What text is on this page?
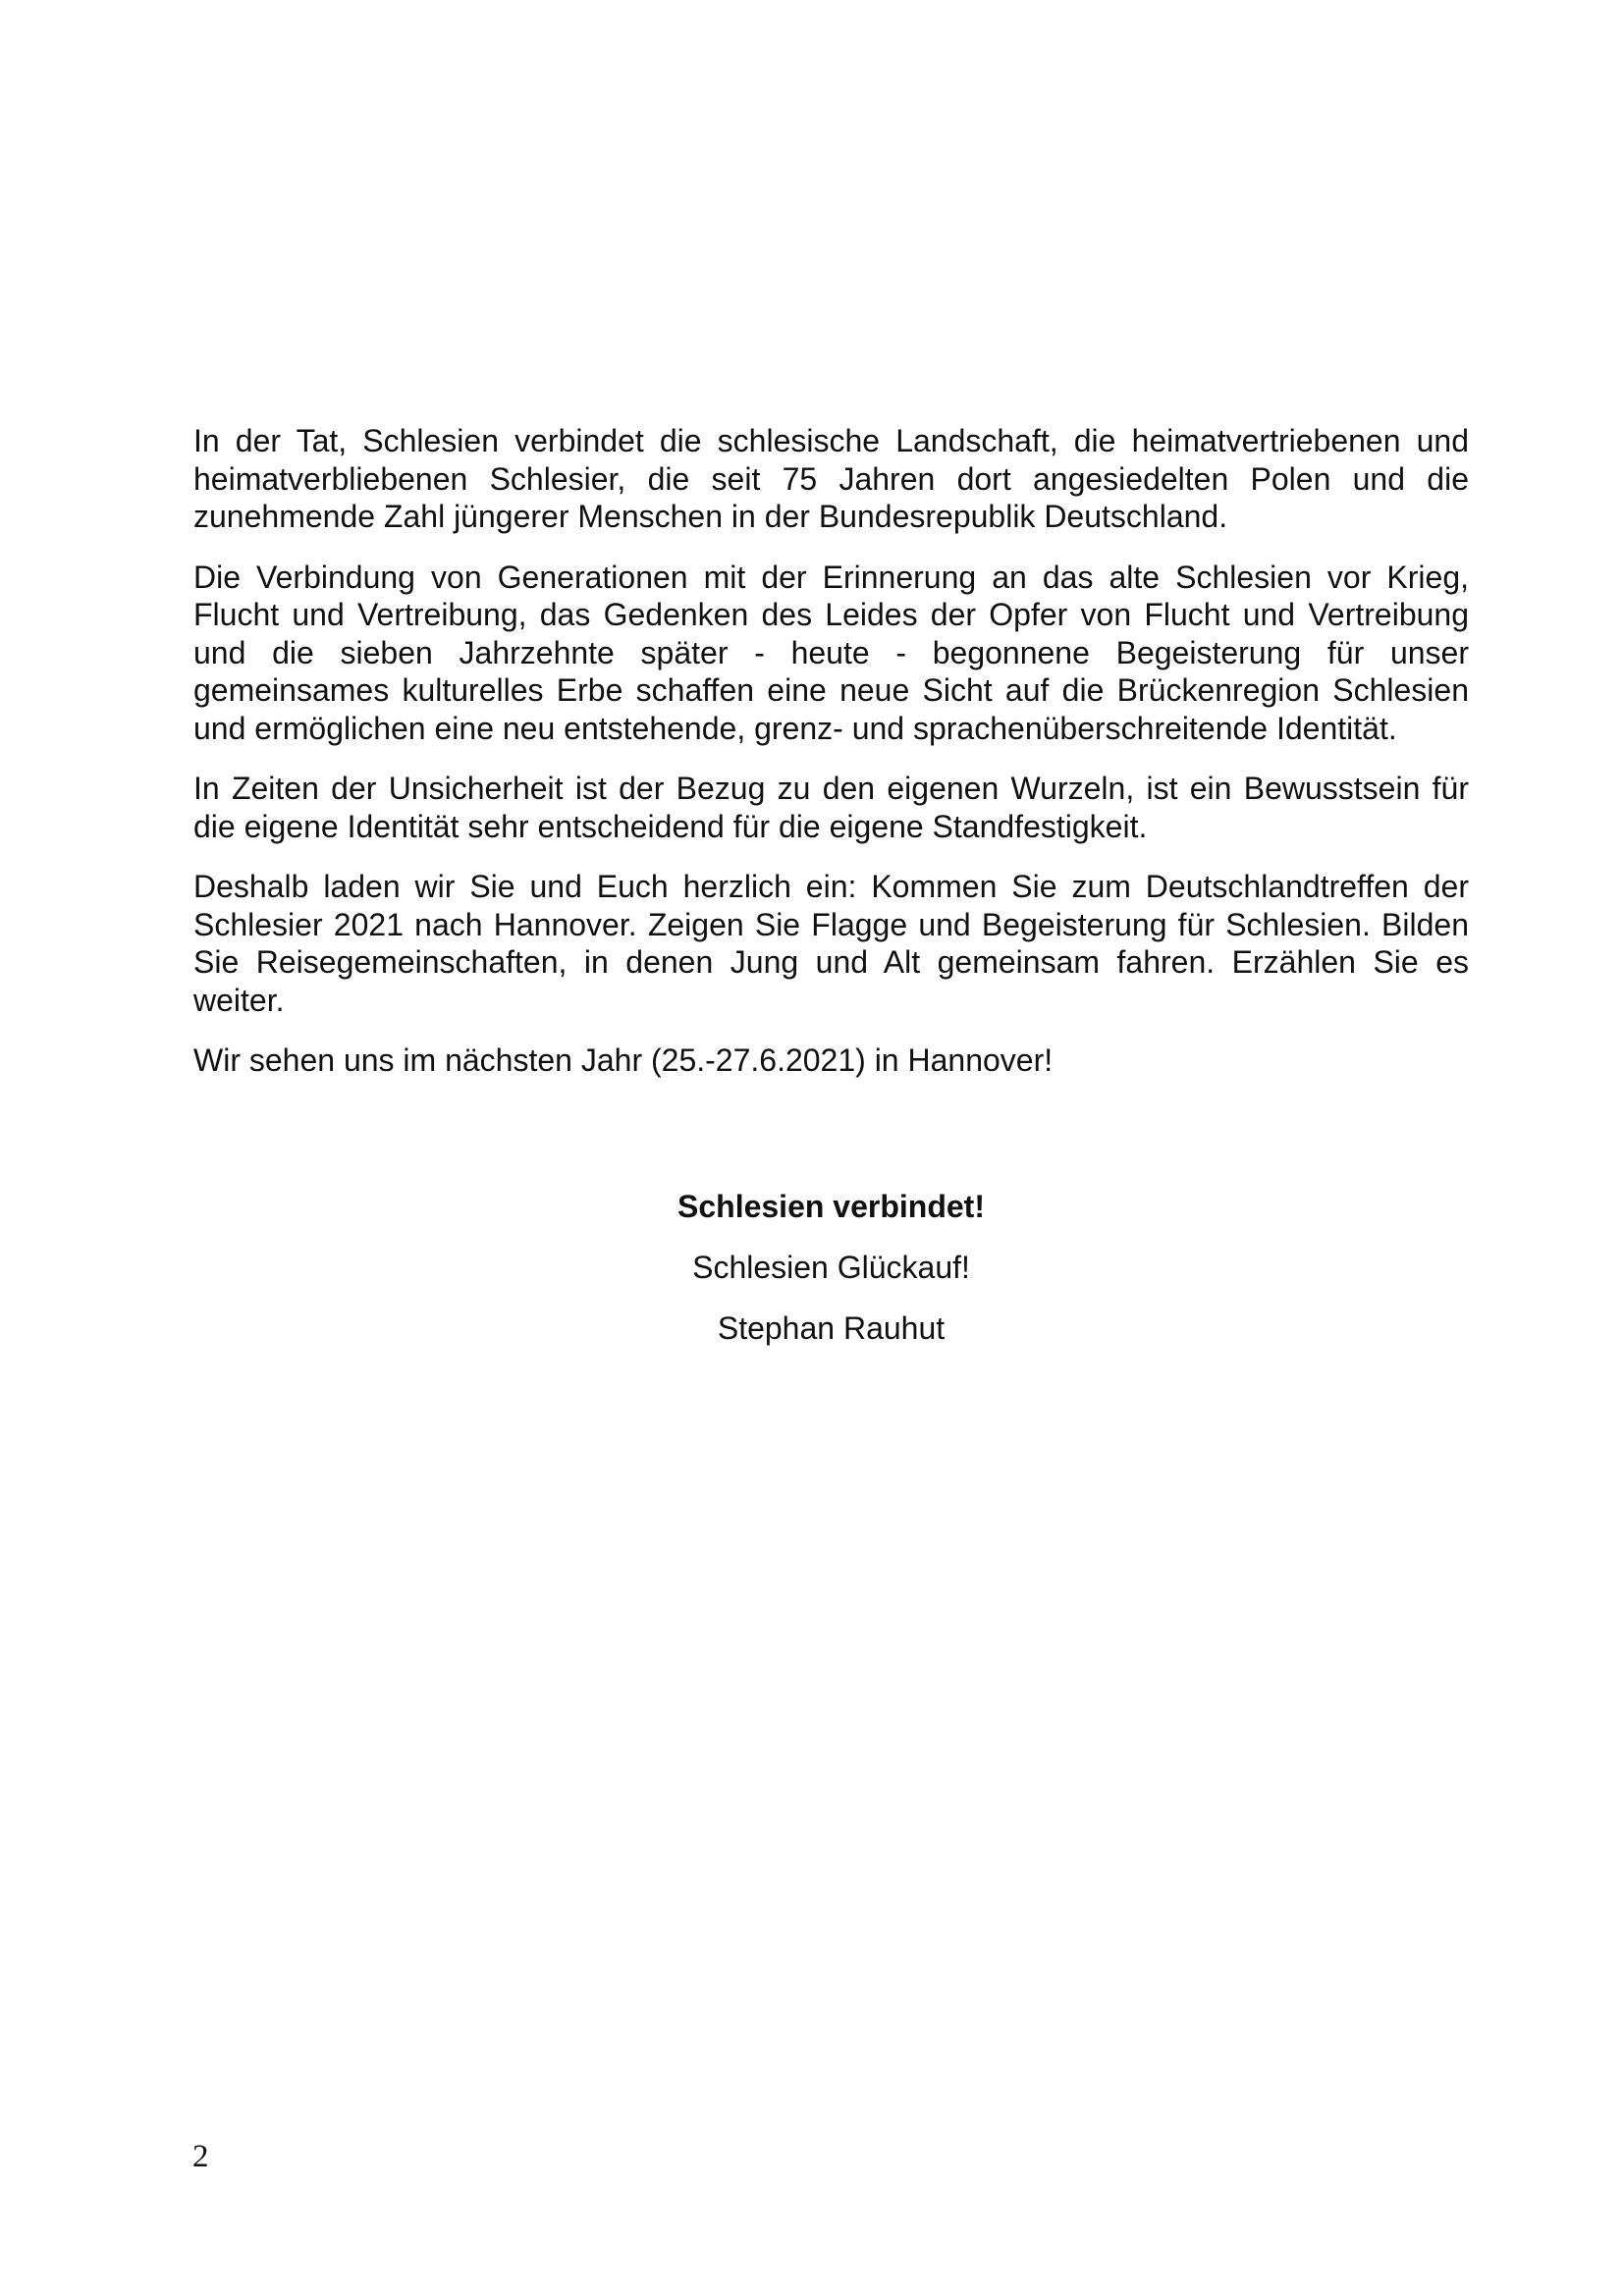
In der Tat, Schlesien verbindet die schlesische Landschaft, die heimatvertriebenen und heimatverbliebenen Schlesier, die seit 75 Jahren dort angesiedelten Polen und die zunehmende Zahl jüngerer Menschen in der Bundesrepublik Deutschland.

Die Verbindung von Generationen mit der Erinnerung an das alte Schlesien vor Krieg, Flucht und Vertreibung, das Gedenken des Leides der Opfer von Flucht und Vertreibung und die sieben Jahrzehnte später - heute - begonnene Begeisterung für unser gemeinsames kulturelles Erbe schaffen eine neue Sicht auf die Brückenregion Schlesien und ermöglichen eine neu entstehende, grenz- und sprachenüberschreitende Identität.

In Zeiten der Unsicherheit ist der Bezug zu den eigenen Wurzeln, ist ein Bewusstsein für die eigene Identität sehr entscheidend für die eigene Standfestigkeit.

Deshalb laden wir Sie und Euch herzlich ein: Kommen Sie zum Deutschlandtreffen der Schlesier 2021 nach Hannover. Zeigen Sie Flagge und Begeisterung für Schlesien. Bilden Sie Reisegemeinschaften, in denen Jung und Alt gemeinsam fahren. Erzählen Sie es weiter.

Wir sehen uns im nächsten Jahr (25.-27.6.2021) in Hannover!

Schlesien verbindet!

Schlesien Glückauf!

Stephan Rauhut

2
